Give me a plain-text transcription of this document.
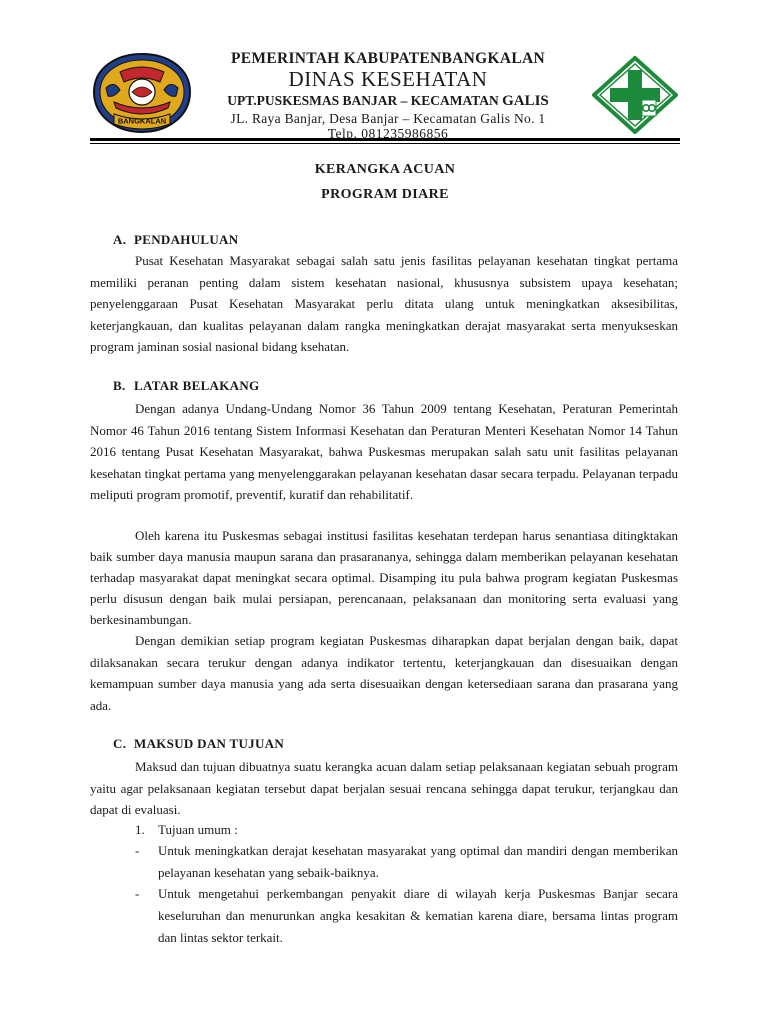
BANGKALAN
PEMERINTAH KABUPATENBANGKALAN
DINAS KESEHATAN
UPT.PUSKESMAS BANJAR – KECAMATAN GALIS
JL. Raya Banjar, Desa Banjar – Kecamatan Galis No. 1
Telp. 081235986856
KERANGKA ACUAN
PROGRAM DIARE
A. PENDAHULUAN

Pusat Kesehatan Masyarakat sebagai salah satu jenis fasilitas pelayanan kesehatan tingkat pertama memiliki peranan penting dalam sistem kesehatan nasional, khususnya subsistem upaya kesehatan; penyelenggaraan Pusat Kesehatan Masyarakat perlu ditata ulang untuk meningkatkan aksesibilitas, keterjangkauan, dan kualitas pelayanan dalam rangka meningkatkan derajat masyarakat serta menyukseskan program jaminan sosial nasional bidang ksehatan.

B. LATAR BELAKANG

Dengan adanya Undang-Undang Nomor 36 Tahun 2009 tentang Kesehatan, Peraturan Pemerintah Nomor 46 Tahun 2016 tentang Sistem Informasi Kesehatan dan Peraturan Menteri Kesehatan Nomor 14 Tahun 2016 tentang Pusat Kesehatan Masyarakat, bahwa Puskesmas merupakan salah satu unit fasilitas pelayanan kesehatan tingkat pertama yang menyelenggarakan pelayanan kesehatan dasar secara terpadu. Pelayanan terpadu meliputi program promotif, preventif, kuratif dan rehabilitatif.

Oleh karena itu Puskesmas sebagai institusi fasilitas kesehatan terdepan harus senantiasa ditingktakan baik sumber daya manusia maupun sarana dan prasarananya, sehingga dalam memberikan pelayanan kesehatan terhadap masyarakat dapat meningkat secara optimal. Disamping itu pula bahwa program kegiatan Puskesmas perlu disusun dengan baik mulai persiapan, perencanaan, pelaksanaan dan monitoring serta evaluasi yang berkesinambungan.

Dengan demikian setiap program kegiatan Puskesmas diharapkan dapat berjalan dengan baik, dapat dilaksanakan secara terukur dengan adanya indikator tertentu, keterjangkauan dan disesuaikan dengan kemampuan sumber daya manusia yang ada serta disesuaikan dengan ketersediaan sarana dan prasarana yang ada.

C. MAKSUD DAN TUJUAN

Maksud dan tujuan dibuatnya suatu kerangka acuan dalam setiap pelaksanaan kegiatan sebuah program yaitu agar pelaksanaan kegiatan tersebut dapat berjalan sesuai rencana sehingga dapat terukur, terjangkau dan dapat di evaluasi.

1. Tujuan umum :
- Untuk meningkatkan derajat kesehatan masyarakat yang optimal dan mandiri dengan memberikan pelayanan kesehatan yang sebaik-baiknya.
- Untuk mengetahui perkembangan penyakit diare di wilayah kerja Puskesmas Banjar secara keseluruhan dan menurunkan angka kesakitan & kematian karena diare, bersama lintas program dan lintas sektor terkait.
